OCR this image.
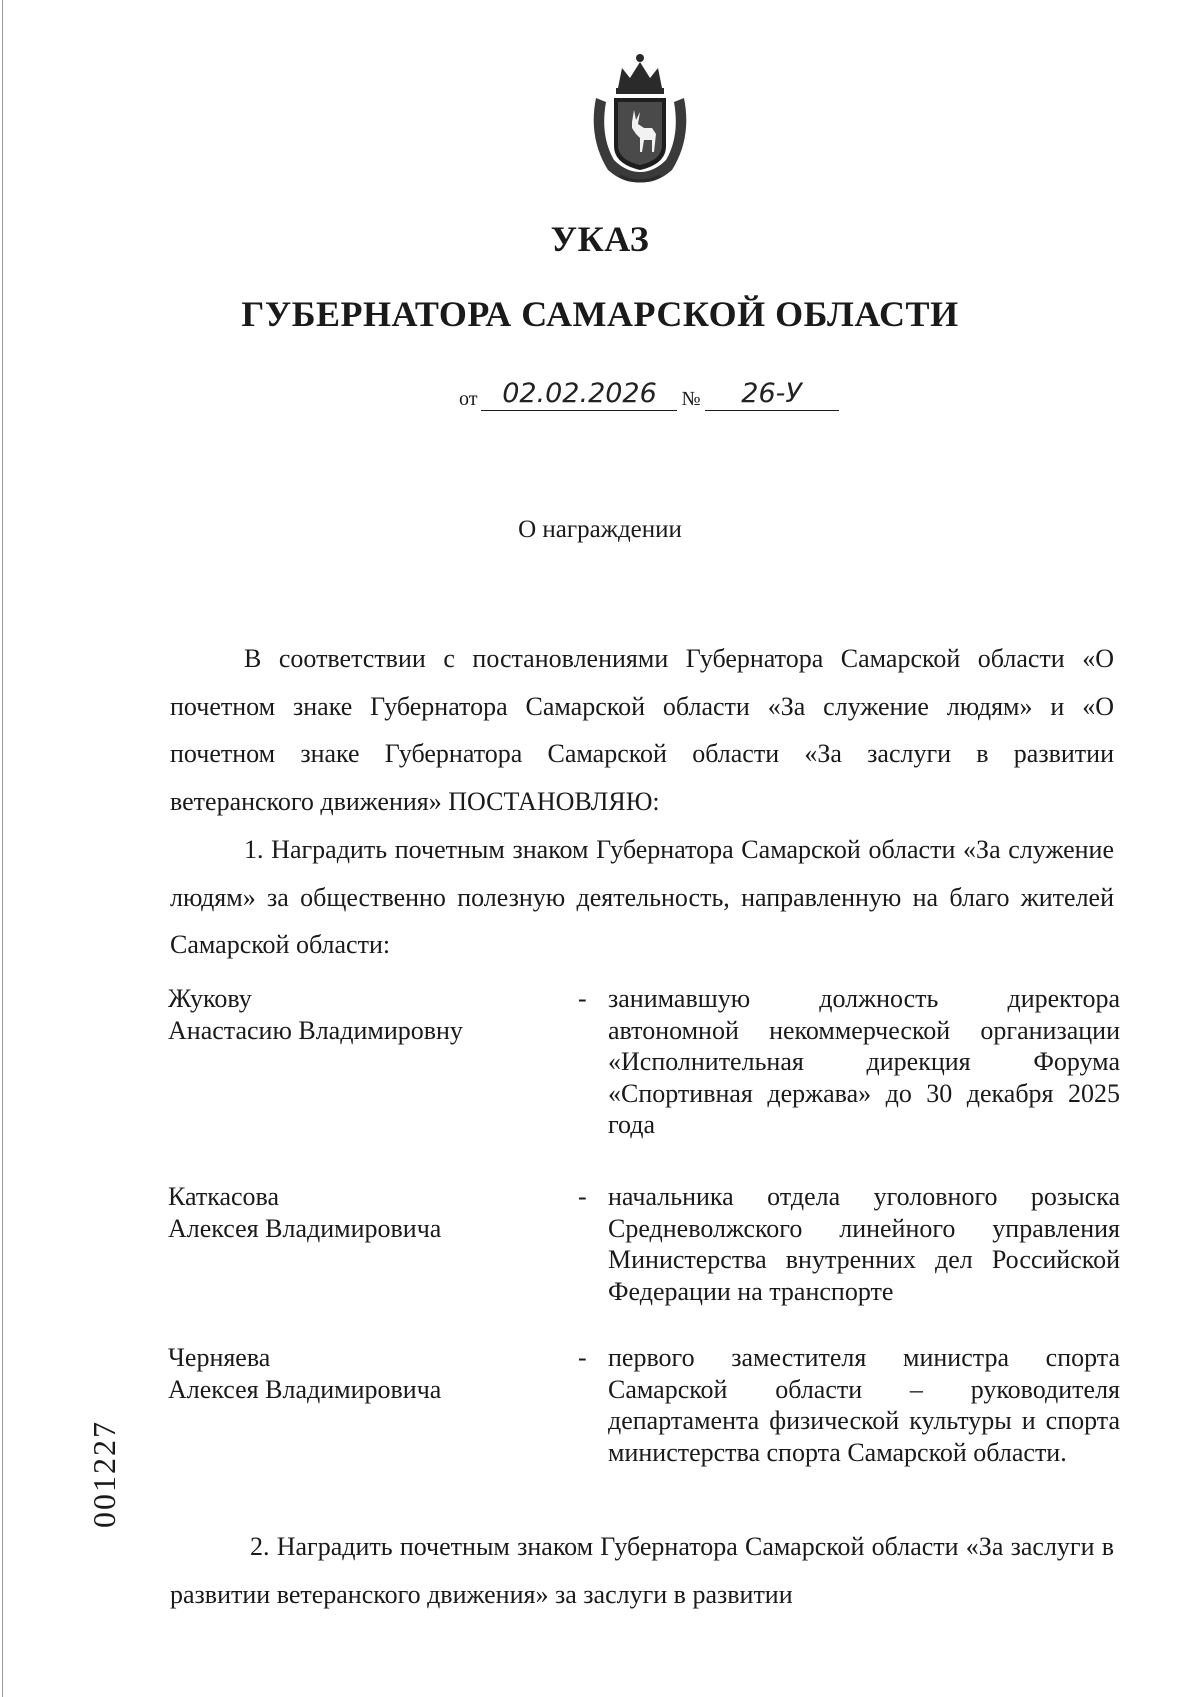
УКАЗ
ГУБЕРНАТОРА САМАРСКОЙ ОБЛАСТИ
от 02.02.2026 № 26-У
О награждении
В соответствии с постановлениями Губернатора Самарской области «О почетном знаке Губернатора Самарской области «За служение людям» и «О почетном знаке Губернатора Самарской области «За заслуги в развитии ветеранского движения» ПОСТАНОВЛЯЮ:
1. Наградить почетным знаком Губернатора Самарской области «За служение людям» за общественно полезную деятельность, направленную на благо жителей Самарской области:
Жукову
Анастасию Владимировну
- занимавшую должность директора автономной некоммерческой организации «Исполнительная дирекция Форума «Спортивная держава» до 30 декабря 2025 года
Каткасова
Алексея Владимировича
- начальника отдела уголовного розыска Средневолжского линейного управления Министерства внутренних дел Российской Федерации на транспорте
Черняева
Алексея Владимировича
- первого заместителя министра спорта Самарской области – руководителя департамента физической культуры и спорта министерства спорта Самарской области.
2. Наградить почетным знаком Губернатора Самарской области «За заслуги в развитии ветеранского движения» за заслуги в развитии
001227
